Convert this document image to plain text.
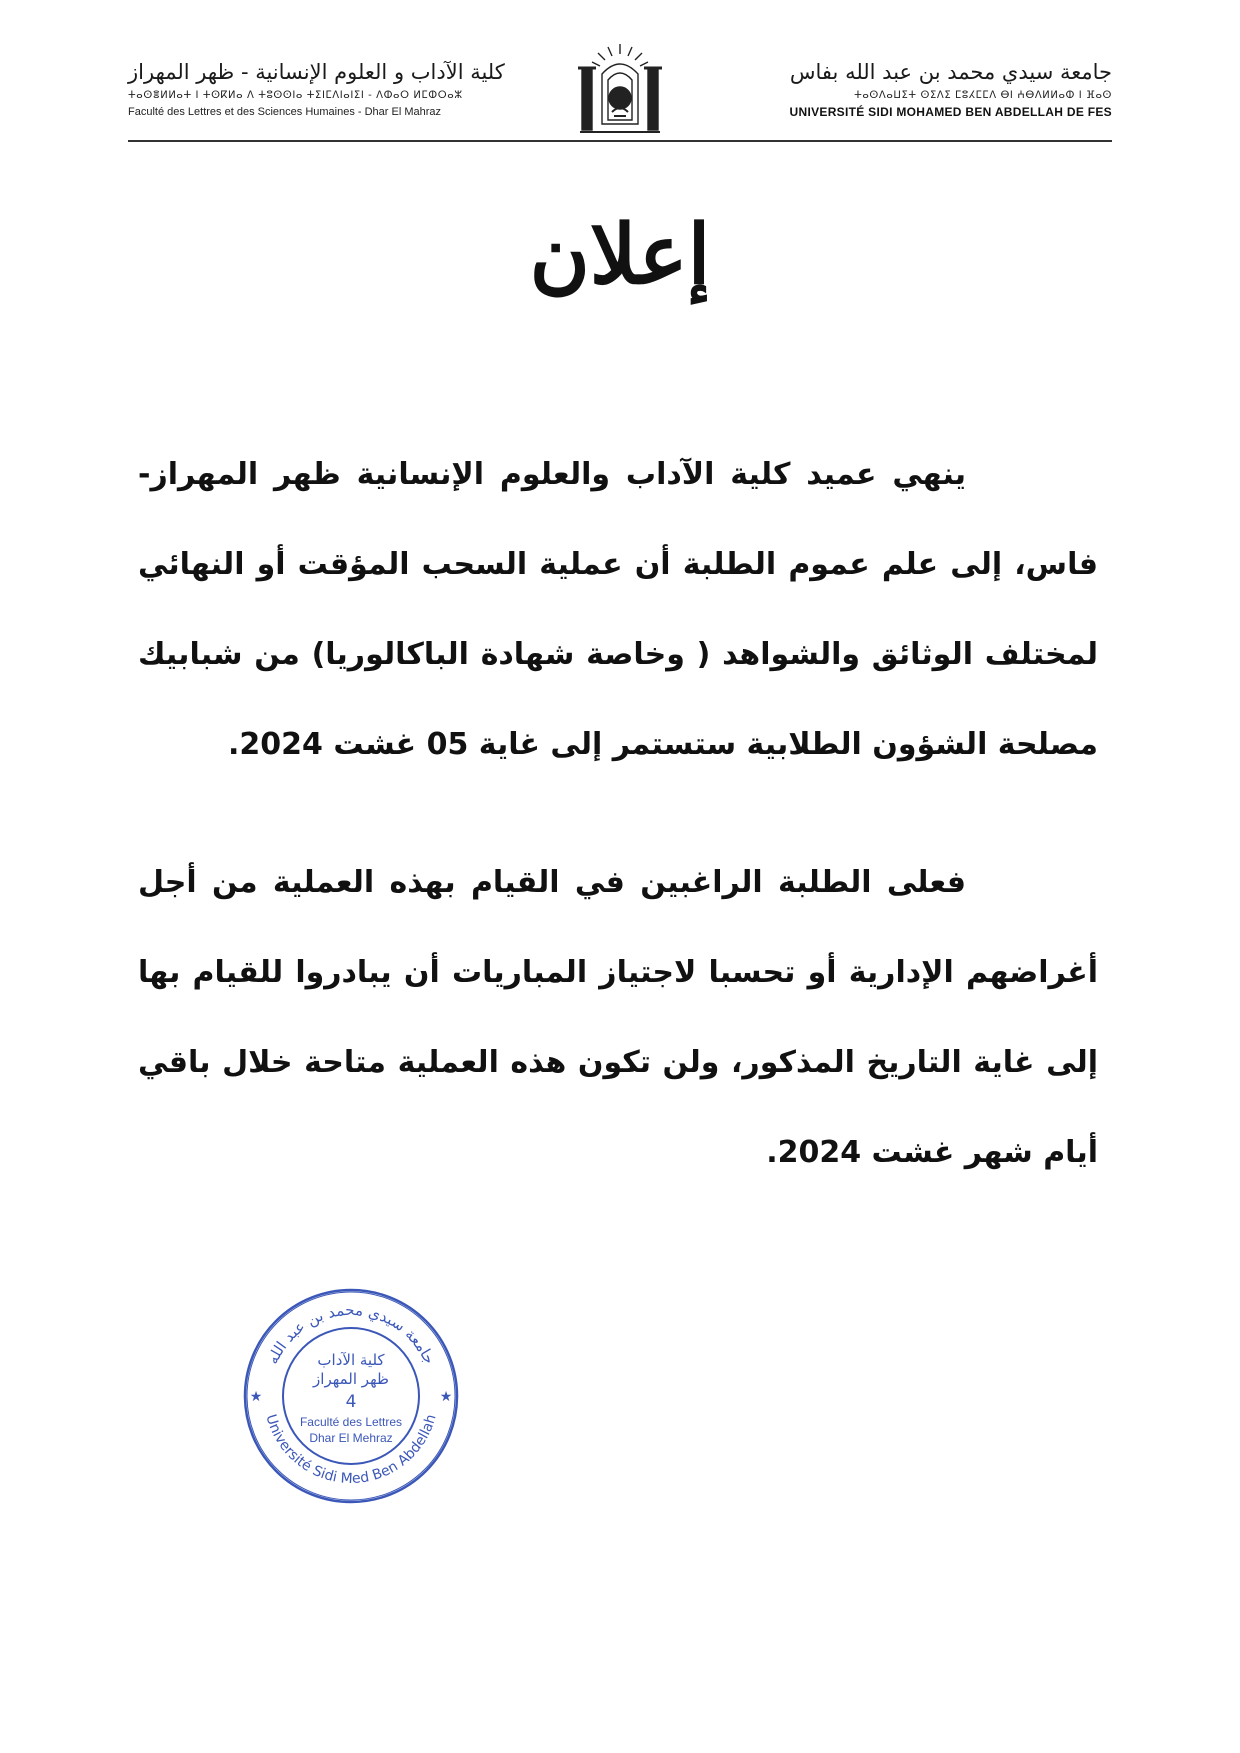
كلية الآداب و العلوم الإنسانية - ظهر المهراز
ⵜⴰⵙⴻⵍⵍⴰⵜ ⵏ ⵜⵙⴽⵍⴰ ⴷ ⵜⵓⵙⵙⵏⴰ ⵜⵉⵏⵎⴷⵏⴰⵏⵉⵏ - ⴷⵀⴰⵔ ⵍⵎⵀⵔⴰⵣ
Faculté des Lettres et des Sciences Humaines - Dhar El Mahraz
جامعة سيدي محمد بن عبد الله بفاس
ⵜⴰⵙⴷⴰⵡⵉⵜ ⵙⵉⴷⵉ ⵎⵓⵃⵎⵎⴷ ⴱⵏ ⵄⴱⴷⵍⵍⴰⵀ ⵏ ⴼⴰⵙ
UNIVERSITÉ SIDI MOHAMED BEN ABDELLAH DE FES
إعلان

ينهي عميد كلية الآداب والعلوم الإنسانية ظهر المهراز- فاس، إلى علم عموم الطلبة أن عملية السحب المؤقت أو النهائي لمختلف الوثائق والشواهد ( وخاصة شهادة الباكالوريا) من شبابيك مصلحة الشؤون الطلابية ستستمر إلى غاية 05 غشت 2024.

فعلى الطلبة الراغبين في القيام بهذه العملية من أجل أغراضهم الإدارية أو تحسبا لاجتياز المباريات أن يبادروا للقيام بها إلى غاية التاريخ المذكور، ولن تكون هذه العملية متاحة خلال باقي أيام شهر غشت 2024.

جامعة سيدي محمد بن عبد الله
Université Sidi Med Ben Abdellah
★	★
كلية الآداب
ظهر المهراز
4
Faculté des Lettres
Dhar El Mehraz
